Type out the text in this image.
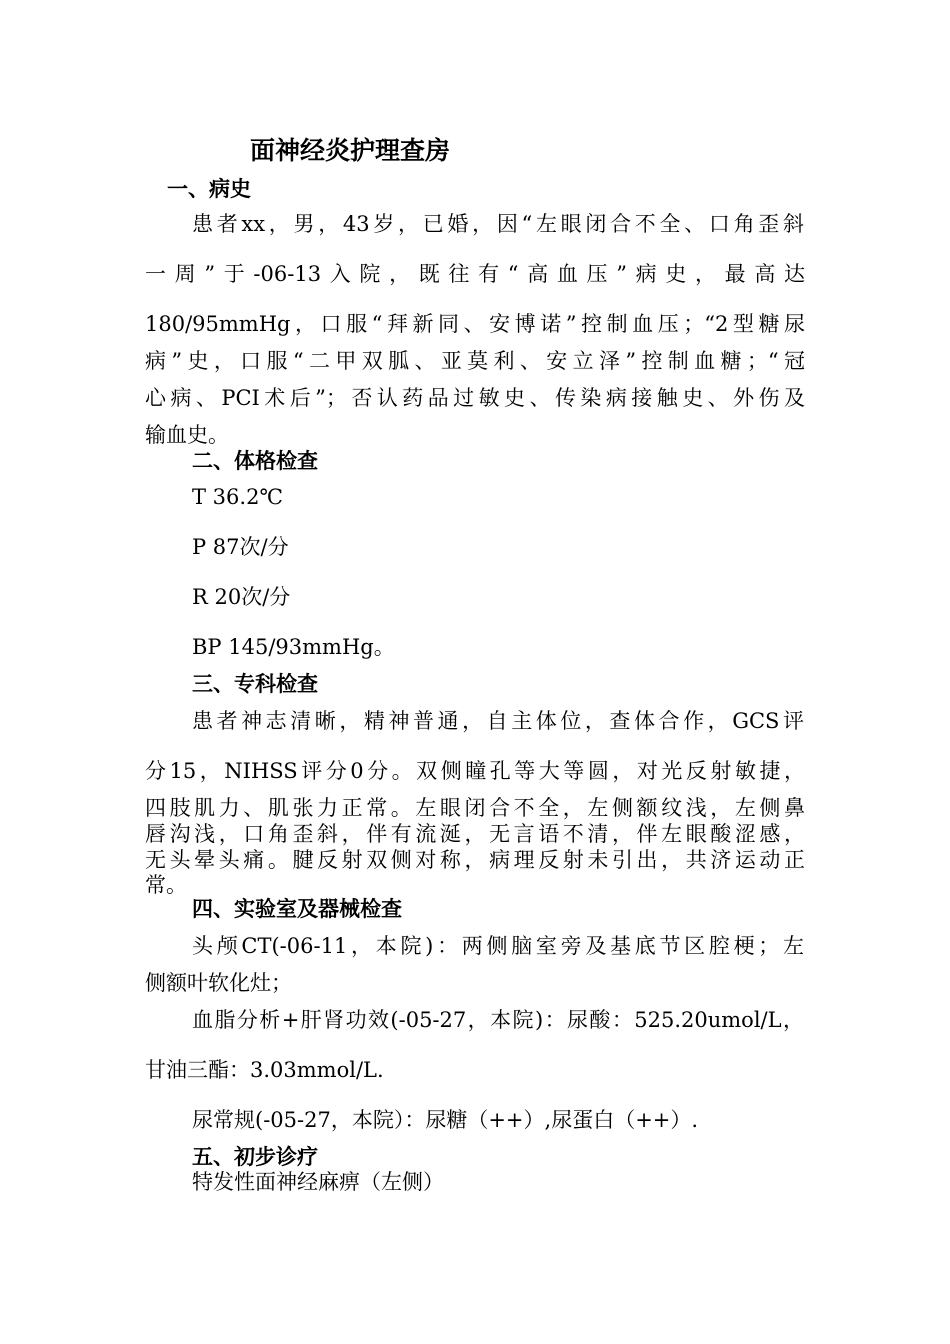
面神经炎护理查房
一、病史
患者xx，男，43岁，已婚，因“左眼闭合不全、口角歪斜
一周”于-06-13入院，既往有“高血压”病史，最高达
180/95mmHg，口服“拜新同、安博诺”控制血压；“2型糖尿
病”史，口服“二甲双胍、亚莫利、安立泽”控制血糖；“冠
心病、PCI术后”；否认药品过敏史、传染病接触史、外伤及
输血史。
二、体格检查
T 36.2℃
P 87次/分
R 20次/分
BP 145/93mmHg。
三、专科检查
患者神志清晰，精神普通，自主体位，查体合作，GCS评
分15，NIHSS评分0分。双侧瞳孔等大等圆，对光反射敏捷，
四肢肌力、肌张力正常。左眼闭合不全，左侧额纹浅，左侧鼻
唇沟浅，口角歪斜，伴有流涎，无言语不清，伴左眼酸涩感，
无头晕头痛。腱反射双侧对称，病理反射未引出，共济运动正
常。
四、实验室及器械检查
头颅CT(-06-11，本院)：两侧脑室旁及基底节区腔梗；左
侧额叶软化灶；
血脂分析+肝肾功效(-05-27，本院)：尿酸：525.20umol/L，
甘油三酯：3.03mmol/L.
尿常规(-05-27，本院）：尿糖（++）,尿蛋白（++）.
五、初步诊疗
特发性面神经麻痹（左侧）
